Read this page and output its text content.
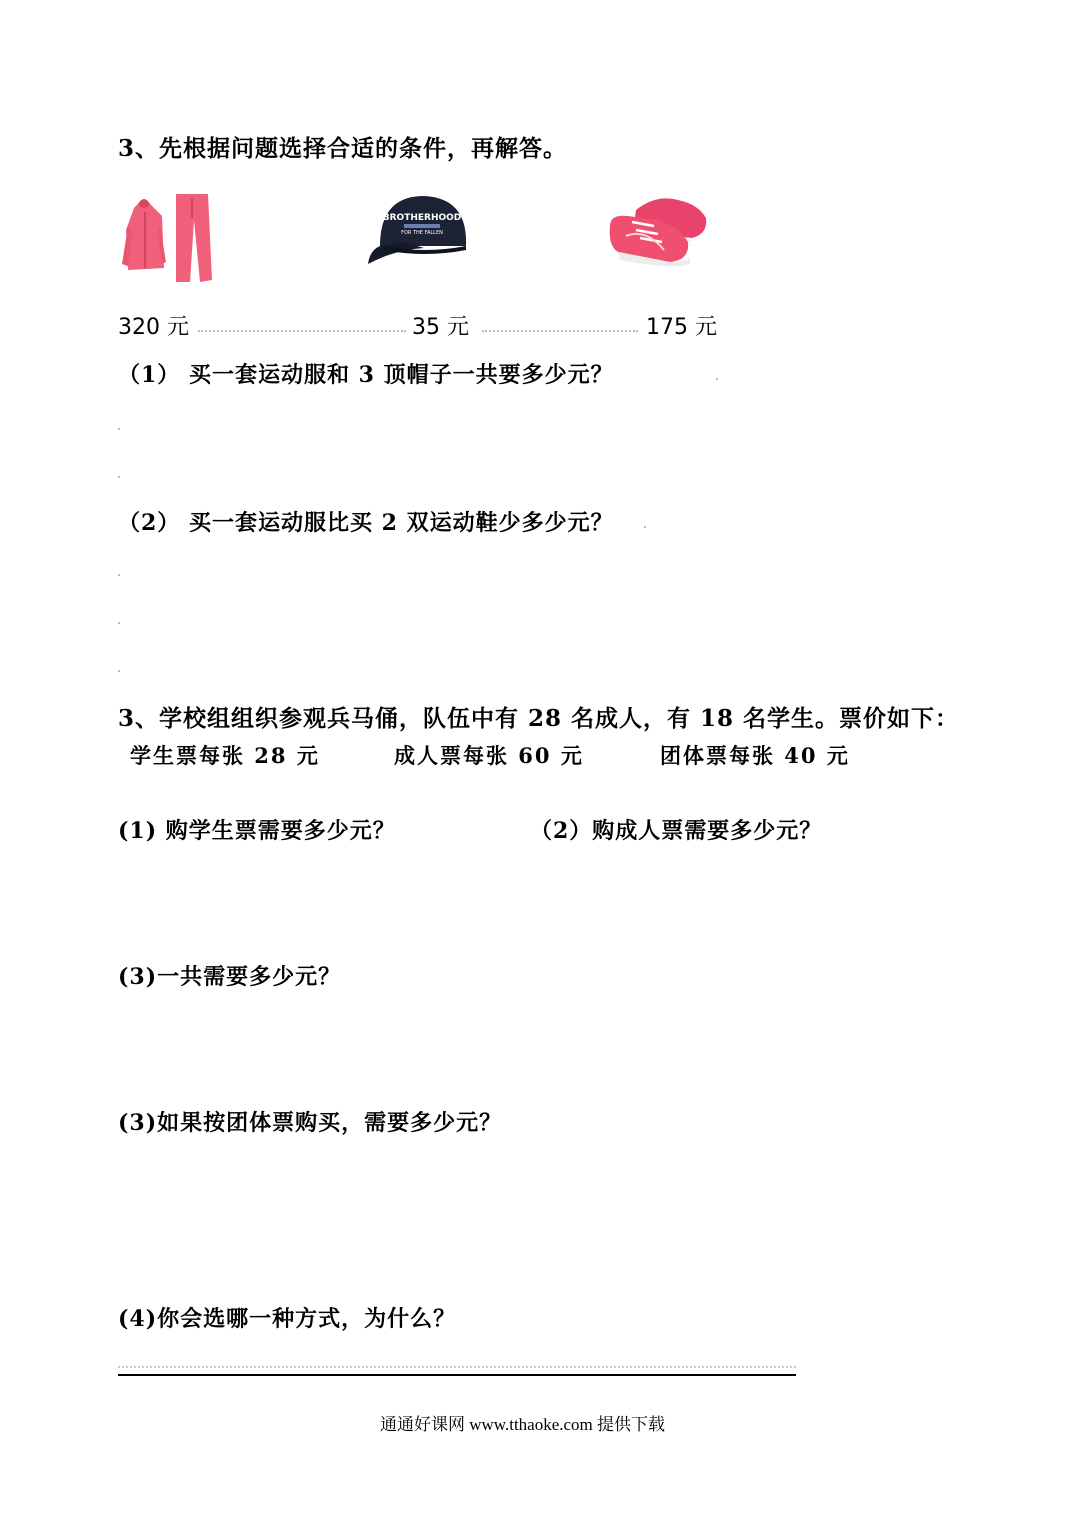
3、先根据问题选择合适的条件，再解答。
BROTHERHOOD
FOR THE FALLEN
320 元	35 元	175 元
（1） 买一套运动服和 3 顶帽子一共要多少元？
（2） 买一套运动服比买 2 双运动鞋少多少元？
3、学校组组织参观兵马俑，队伍中有 28 名成人，有 18 名学生。票价如下：
学生票每张 28 元	成人票每张 60 元	团体票每张 40 元
(1) 购学生票需要多少元？	（2）购成人票需要多少元？
(3)一共需要多少元？
(3)如果按团体票购买，需要多少元？
(4)你会选哪一种方式，为什么？
通通好课网 www.tthaoke.com 提供下载
